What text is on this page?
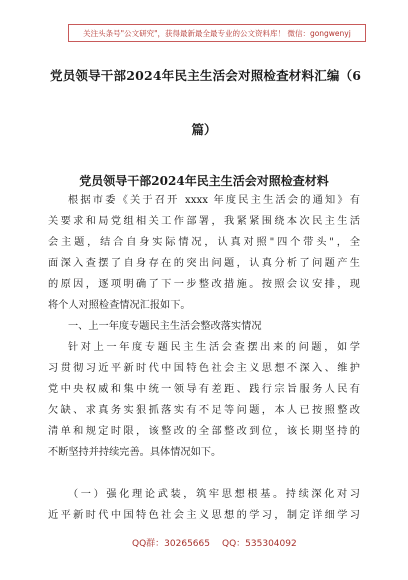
关注头条号"公文研究"，获得最新最全最专业的公文资料库！ 微信：gongwenyj
党员领导干部2024年民主生活会对照检查材料汇编（6
篇）
党员领导干部2024年民主生活会对照检查材料
根据市委《关于召开 xxxx 年度民主生活会的通知》有
关要求和局党组相关工作部署，我紧紧围绕本次民主生活
会主题，结合自身实际情况，认真对照"四个带头"，全
面深入查摆了自身存在的突出问题，认真分析了问题产生
的原因，逐项明确了下一步整改措施。按照会议安排，现
将个人对照检查情况汇报如下。
一、上一年度专题民主生活会整改落实情况
针对上一年度专题民主生活会查摆出来的问题，如学
习贯彻习近平新时代中国特色社会主义思想不深入、维护
党中央权威和集中统一领导有差距、践行宗旨服务人民有
欠缺、求真务实狠抓落实有不足等问题，本人已按照整改
清单和规定时限，该整改的全部整改到位，该长期坚持的
不断坚持并持续完善。具体情况如下。
（一）强化理论武装，筑牢思想根基。持续深化对习
近平新时代中国特色社会主义思想的学习，制定详细学习
QQ群：30265665 QQ：535304092
